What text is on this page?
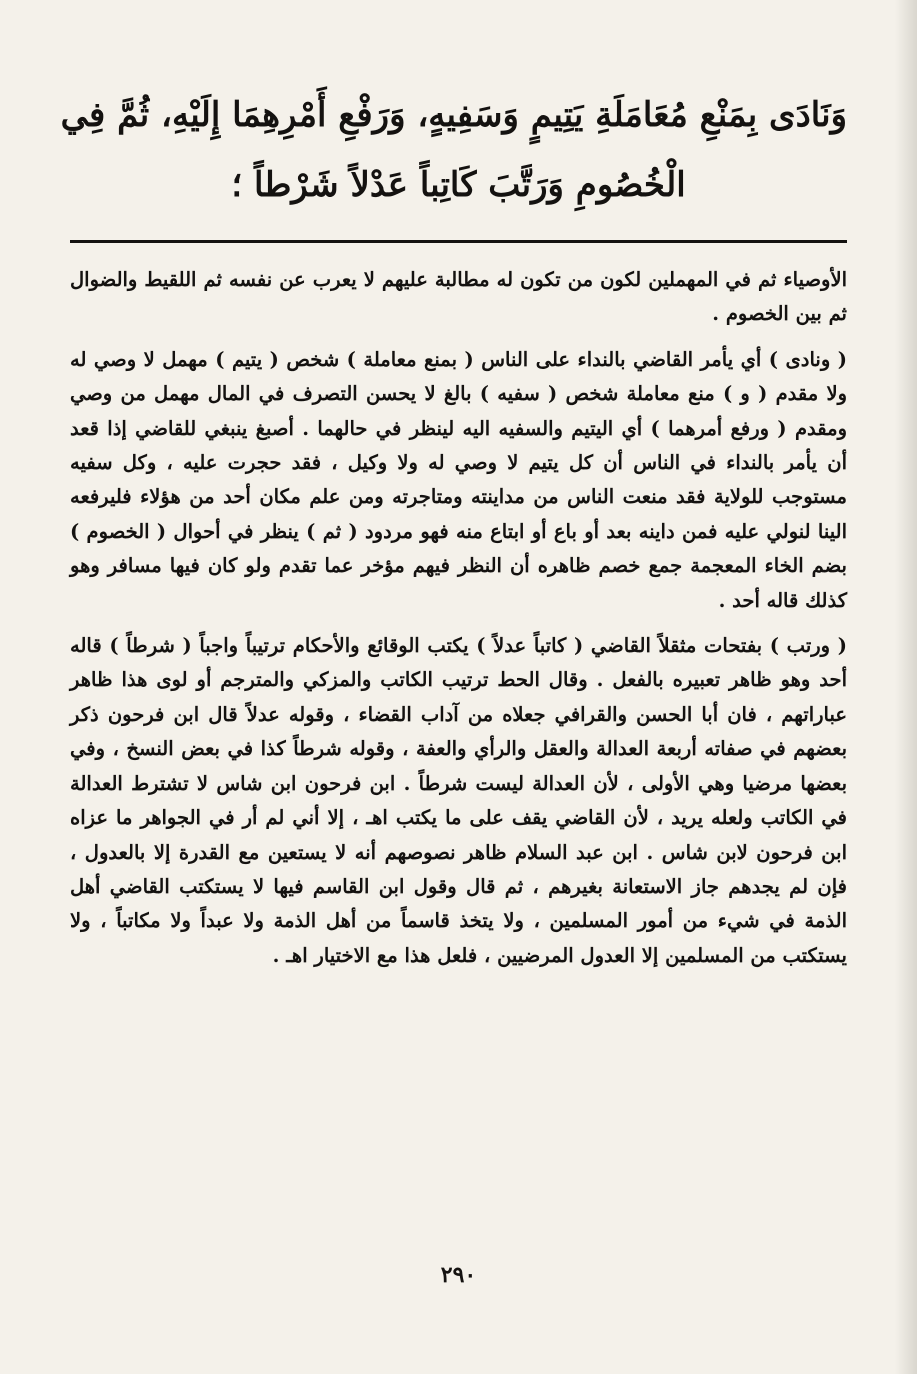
وَنَادَى بِمَنْعِ مُعَامَلَةِ يَتِيمٍ وَسَفِيهٍ، وَرَفْعِ أَمْرِهِمَا إِلَيْهِ، ثُمَّ فِي
الْخُصُومِ وَرَتَّبَ كَاتِباً عَدْلاً شَرْطاً ؛

الأوصياء ثم في المهملين لكون من تكون له مطالبة عليهم لا يعرب عن نفسه ثم اللقيط والضوال ثم بين الخصوم .

( ونادى ) أي يأمر القاضي بالنداء على الناس ( بمنع معاملة ) شخص ( يتيم ) مهمل لا وصي له ولا مقدم ( و ) منع معاملة شخص ( سفيه ) بالغ لا يحسن التصرف في المال مهمل من وصي ومقدم ( ورفع أمرهما ) أي اليتيم والسفيه اليه لينظر في حالهما . أصبغ ينبغي للقاضي إذا قعد أن يأمر بالنداء في الناس أن كل يتيم لا وصي له ولا وكيل ، فقد حجرت عليه ، وكل سفيه مستوجب للولاية فقد منعت الناس من مداينته ومتاجرته ومن علم مكان أحد من هؤلاء فليرفعه الينا لنولي عليه فمن داينه بعد أو باع أو ابتاع منه فهو مردود ( ثم ) ينظر في أحوال ( الخصوم ) بضم الخاء المعجمة جمع خصم ظاهره أن النظر فيهم مؤخر عما تقدم ولو كان فيها مسافر وهو كذلك قاله أحد .

( ورتب ) بفتحات مثقلاً القاضي ( كاتباً عدلاً ) يكتب الوقائع والأحكام ترتيباً واجباً ( شرطاً ) قاله أحد وهو ظاهر تعبيره بالفعل . وقال الحط ترتيب الكاتب والمزكي والمترجم أو لوى هذا ظاهر عباراتهم ، فان أبا الحسن والقرافي جعلاه من آداب القضاء ، وقوله عدلاً قال ابن فرحون ذكر بعضهم في صفاته أربعة العدالة والعقل والرأي والعفة ، وقوله شرطاً كذا في بعض النسخ ، وفي بعضها مرضيا وهي الأولى ، لأن العدالة ليست شرطاً . ابن فرحون ابن شاس لا تشترط العدالة في الكاتب ولعله يريد ، لأن القاضي يقف على ما يكتب اهـ ، إلا أني لم أر في الجواهر ما عزاه ابن فرحون لابن شاس . ابن عبد السلام ظاهر نصوصهم أنه لا يستعين مع القدرة إلا بالعدول ، فإن لم يجدهم جاز الاستعانة بغيرهم ، ثم قال وقول ابن القاسم فيها لا يستكتب القاضي أهل الذمة في شيء من أمور المسلمين ، ولا يتخذ قاسماً من أهل الذمة ولا عبداً ولا مكاتباً ، ولا يستكتب من المسلمين إلا العدول المرضيين ، فلعل هذا مع الاختيار اهـ .

٢٩٠
